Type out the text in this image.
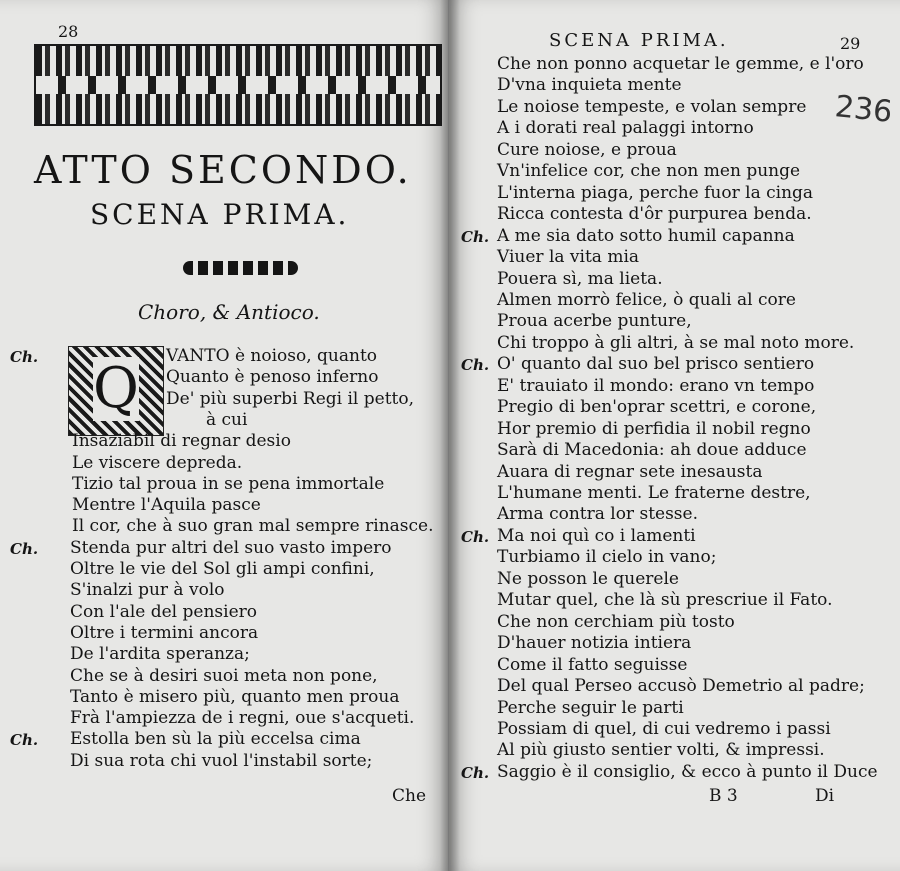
28
ATTO SECONDO.
SCENA PRIMA.
Choro, & Antioco.
Q
Ch.	VANTO è noioso, quanto
Quanto è penoso inferno
De' più superbi Regi il petto,
à cui
Insaziabil di regnar desio
Le viscere depreda.
Tizio tal proua in se pena immortale
Mentre l'Aquila pasce
Il cor, che à suo gran mal sempre rinasce.
Ch. Stenda pur altri del suo vasto impero
Oltre le vie del Sol gli ampi confini,
S'inalzi pur à volo
Con l'ale del pensiero
Oltre i termini ancora
De l'ardita speranza;
Che se à desiri suoi meta non pone,
Tanto è misero più, quanto men proua
Frà l'ampiezza de i regni, oue s'acqueti.
Ch. Estolla ben sù la più eccelsa cima
Di sua rota chi vuol l'instabil sorte;
Che
SCENA PRIMA.	29
Che non ponno acquetar le gemme, e l'oro
D'vna inquieta mente
Le noiose tempeste, e volan sempre
A i dorati real palaggi intorno
Cure noiose, e proua
Vn'infelice cor, che non men punge
L'interna piaga, perche fuor la cinga
Ricca contesta d'ôr purpurea benda.
Ch. A me sia dato sotto humil capanna
Viuer la vita mia
Pouera sì, ma lieta.
Almen morrò felice, ò quali al core
Proua acerbe punture,
Chi troppo à gli altri, à se mal noto more.
Ch. O' quanto dal suo bel prisco sentiero
E' trauiato il mondo: erano vn tempo
Pregio di ben'oprar scettri, e corone,
Hor premio di perfidia il nobil regno
Sarà di Macedonia: ah doue adduce
Auara di regnar sete inesausta
L'humane menti. Le fraterne destre,
Arma contra lor stesse.
Ch. Ma noi quì co i lamenti
Turbiamo il cielo in vano;
Ne posson le querele
Mutar quel, che là sù prescriue il Fato.
Che non cerchiam più tosto
D'hauer notizia intiera
Come il fatto seguisse
Del qual Perseo accusò Demetrio al padre;
Perche seguir le parti
Possiam di quel, di cui vedremo i passi
Al più giusto sentier volti, & impressi.
Ch. Saggio è il consiglio, & ecco à punto il Duce
B 3	Di
236
